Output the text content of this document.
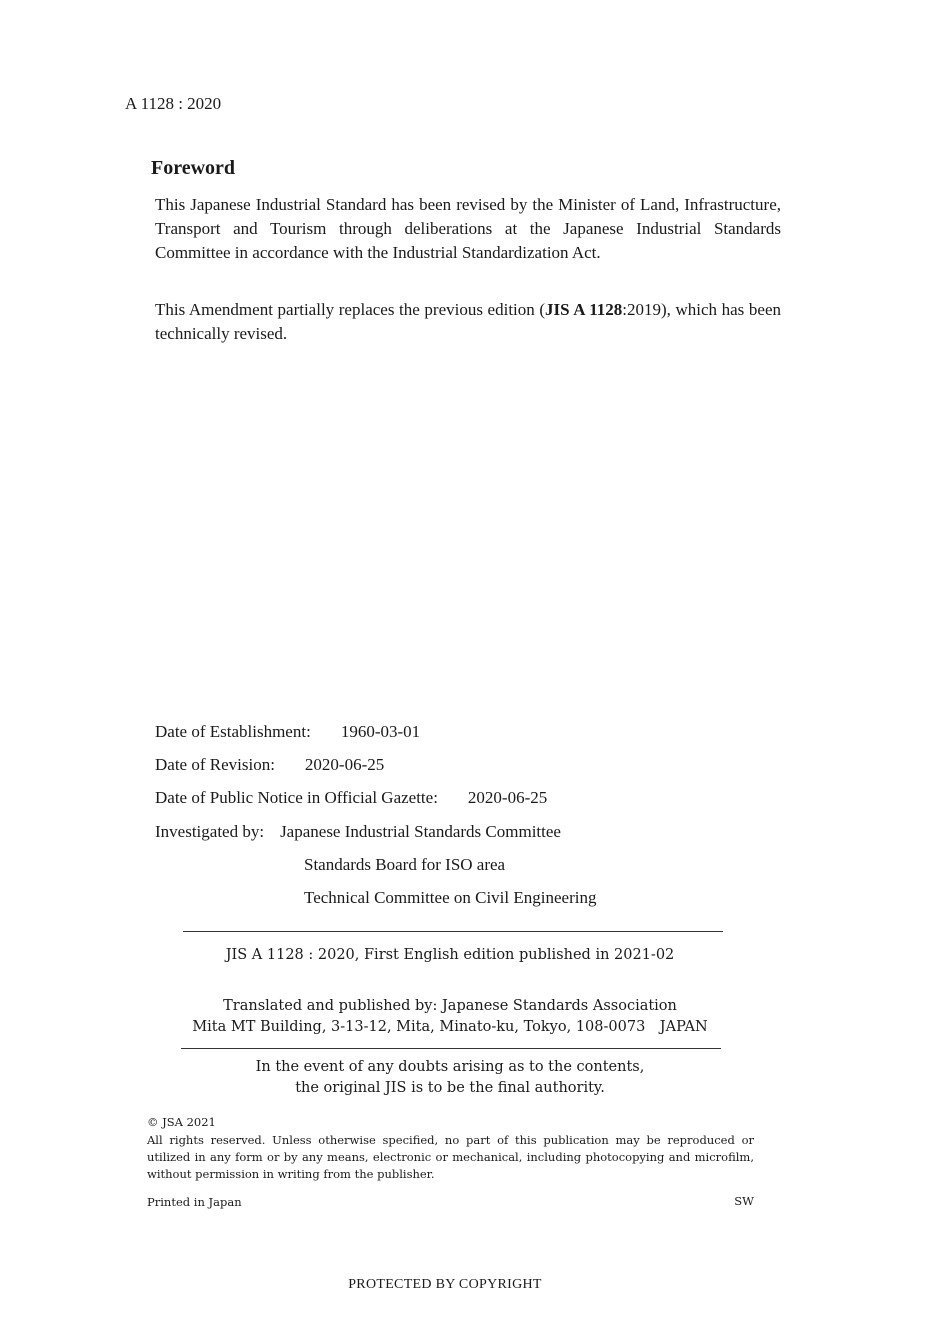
A 1128 : 2020
Foreword

This Japanese Industrial Standard has been revised by the Minister of Land, Infrastructure, Transport and Tourism through deliberations at the Japanese Industrial Standards Committee in accordance with the Industrial Standardization Act.

This Amendment partially replaces the previous edition (JIS A 1128:2019), which has been technically revised.

Date of Establishment: 1960-03-01
Date of Revision: 2020-06-25
Date of Public Notice in Official Gazette: 2020-06-25
Investigated by: Japanese Industrial Standards Committee
Standards Board for ISO area
Technical Committee on Civil Engineering
JIS A 1128 : 2020, First English edition published in 2021-02
Translated and published by: Japanese Standards Association
Mita MT Building, 3-13-12, Mita, Minato-ku, Tokyo, 108-0073　JAPAN
In the event of any doubts arising as to the contents,
the original JIS is to be the final authority.
© JSA 2021
All rights reserved. Unless otherwise specified, no part of this publication may be reproduced or utilized in any form or by any means, electronic or mechanical, including photocopying and microfilm, without permission in writing from the publisher.
Printed in Japan	SW
PROTECTED BY COPYRIGHT
